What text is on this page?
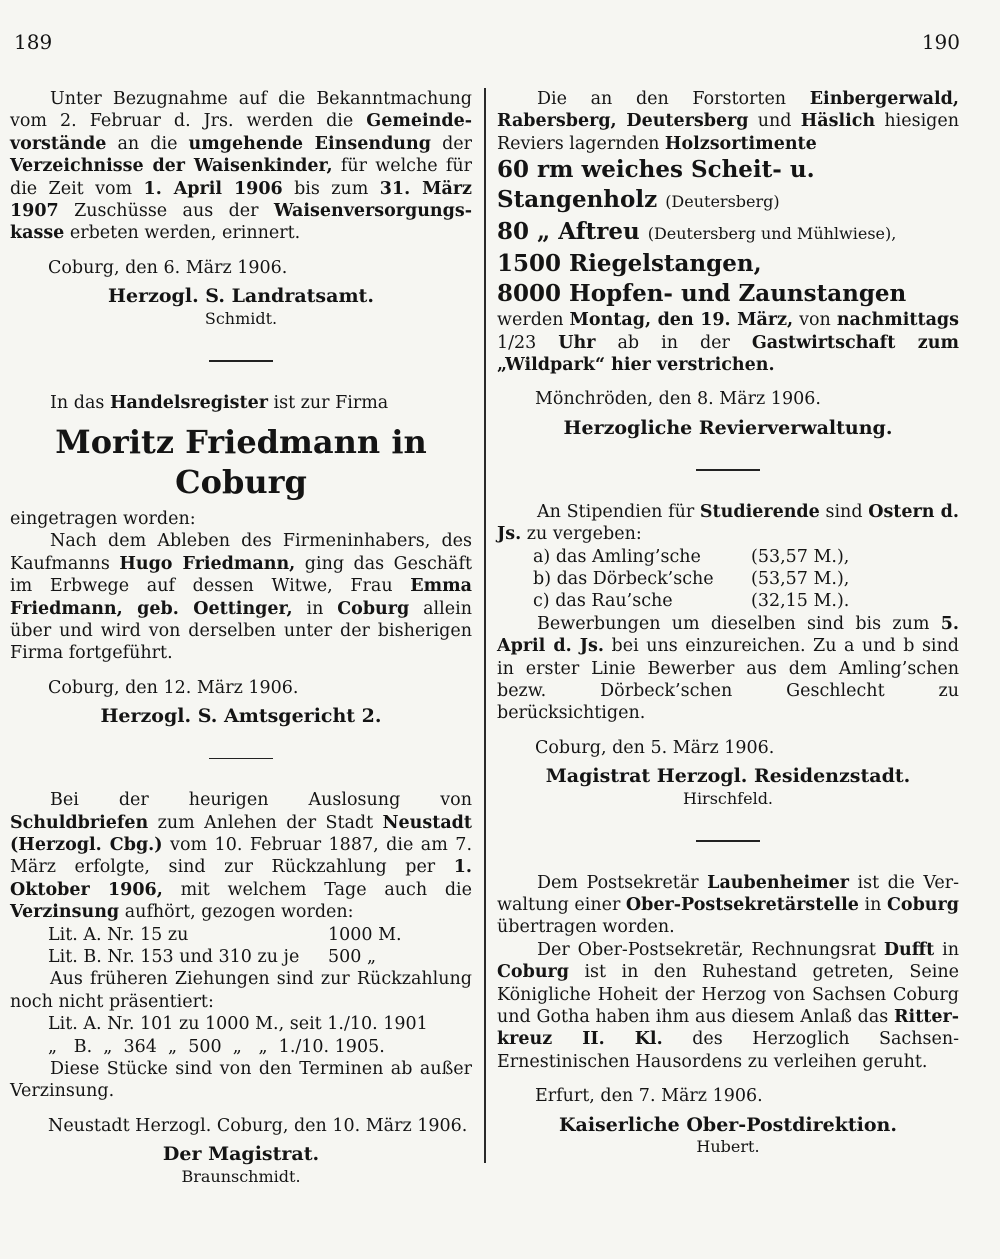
189	190

Unter Bezugnahme auf die Bekanntmachung vom 2. Februar d. Jrs. werden die Gemeindevorstände an die umgehende Einsendung der Verzeichnisse der Waisenkinder, für welche für die Zeit vom 1. April 1906 bis zum 31. März 1907 Zuschüsse aus der Waisenversorgungskasse erbeten werden, erinnert.

Coburg, den 6. März 1906.

Herzogl. S. Landratsamt.

Schmidt.

In das Handelsregister ist zur Firma

Moritz Friedmann in Coburg

eingetragen worden:

Nach dem Ableben des Firmeninhabers, des Kaufmanns Hugo Friedmann, ging das Geschäft im Erbwege auf dessen Witwe, Frau Emma Friedmann, geb. Oettinger, in Coburg allein über und wird von derselben unter der bisherigen Firma fortgeführt.

Coburg, den 12. März 1906.

Herzogl. S. Amtsgericht 2.

Bei der heurigen Auslosung von Schuldbriefen zum Anlehen der Stadt Neustadt (Herzogl. Cbg.) vom 10. Februar 1887, die am 7. März erfolgte, sind zur Rückzahlung per 1. Oktober 1906, mit welchem Tage auch die Verzinsung aufhört, gezogen worden:

Lit. A. Nr. 15 zu	1000 M.
Lit. B. Nr. 153 und 310 zu je	500 „

Aus früheren Ziehungen sind zur Rückzahlung noch nicht präsentiert:

Lit. A. Nr. 101 zu 1000 M., seit 1./10. 1901

„   B.  „  364  „  500  „   „  1./10. 1905.

Diese Stücke sind von den Terminen ab außer Verzinsung.

Neustadt Herzogl. Coburg, den 10. März 1906.

Der Magistrat.

Braunschmidt.

Die an den Forstorten Einbergerwald, Rabersberg, Deutersberg und Häslich hiesigen Reviers lagernden Holzsortimente

60 rm weiches Scheit- u. Stangenholz (Deutersberg)

80 „ Aftreu (Deutersberg und Mühlwiese),

1500 Riegelstangen,

8000 Hopfen- und Zaunstangen

werden Montag, den 19. März, von nachmittags 1/23 Uhr ab in der Gastwirtschaft zum „Wildpark“ hier verstrichen.

Mönchröden, den 8. März 1906.

Herzogliche Revierverwaltung.

An Stipendien für Studierende sind Ostern d. Js. zu vergeben:

a) das Amling’sche	(53,57 M.),
b) das Dörbeck’sche	(53,57 M.),
c) das Rau’sche	(32,15 M.).

Bewerbungen um dieselben sind bis zum 5. April d. Js. bei uns einzureichen. Zu a und b sind in erster Linie Bewerber aus dem Amling’schen bezw. Dörbeck’schen Geschlecht zu berücksichtigen.

Coburg, den 5. März 1906.

Magistrat Herzogl. Residenzstadt.

Hirschfeld.

Dem Postsekretär Laubenheimer ist die Verwaltung einer Ober-Postsekretärstelle in Coburg übertragen worden.

Der Ober-Postsekretär, Rechnungsrat Dufft in Coburg ist in den Ruhestand getreten, Seine Königliche Hoheit der Herzog von Sachsen Coburg und Gotha haben ihm aus diesem Anlaß das Ritterkreuz II. Kl. des Herzoglich Sachsen-Ernestinischen Hausordens zu verleihen geruht.

Erfurt, den 7. März 1906.

Kaiserliche Ober-Postdirektion.

Hubert.
